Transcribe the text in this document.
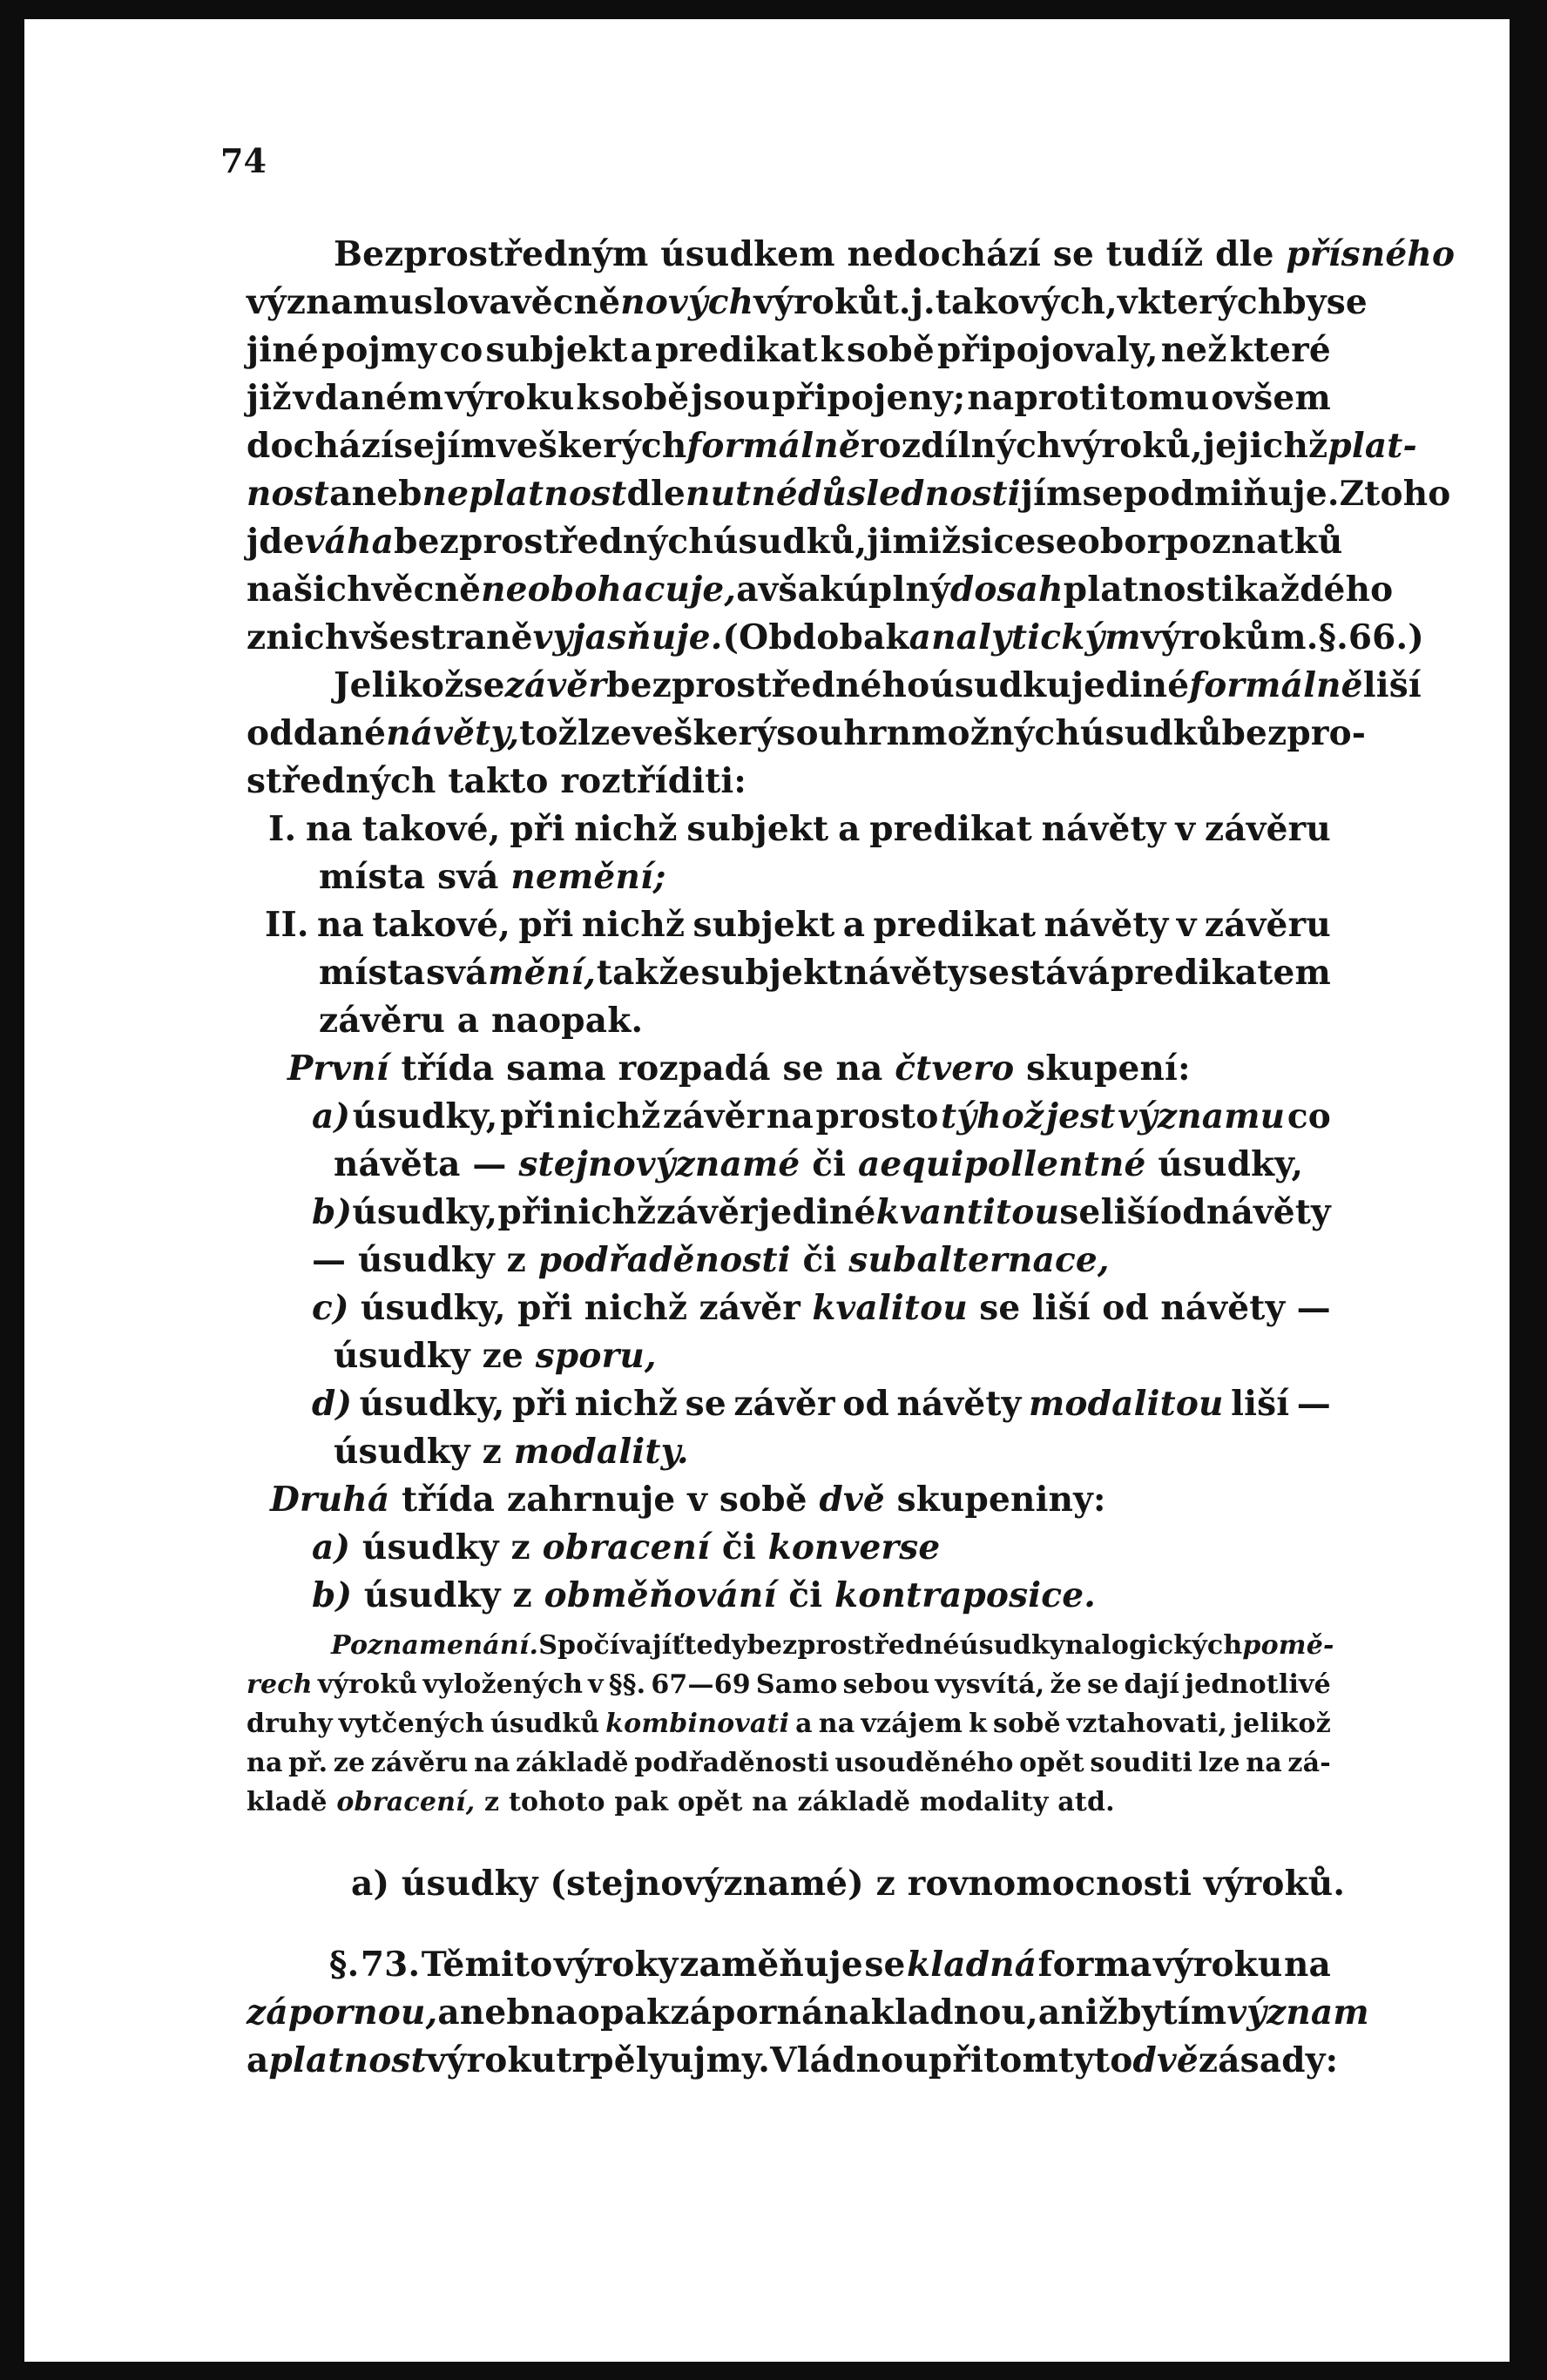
74
Bezprostředným úsudkem nedochází se tudíž dle přísného
významu slova věcně nových výroků t. j. takových, v kterých by se
jiné pojmy co subjekt a predikat k sobě připojovaly, než které
již v daném výroku k sobě jsou připojeny; naproti tomu ovšem
dochází se jím veškerých formálně rozdílných výroků, jejichž plat-
nost aneb neplatnost dle nutné důslednosti jím se podmiňuje. Z toho
jde váha bezprostředných úsudků, jimiž sice se obor poznatků
našich věcně neobohacuje, avšak úplný dosah platnosti každého
z nich všestraně vyjasňuje. (Obdoba k analytickým výrokům. §. 66.)
Jelikož se závěr bezprostředného úsudku jediné formálně liší
od dané návěty, tož lze veškerý souhrn možných úsudků bezpro-
středných takto roztříditi:
I. na takové, při nichž subjekt a predikat návěty v závěru
místa svá nemění;
II. na takové, při nichž subjekt a predikat návěty v závěru
místa svá mění, tak že subjekt návěty se stává predikatem
závěru a naopak.
První třída sama rozpadá se na čtvero skupení:
a) úsudky, při nichž závěr na prosto týhož jest významu co
návěta — stejnovýznamé či aequipollentné úsudky,
b) úsudky, při nichž závěr jediné kvantitou se liší od návěty
— úsudky z podřaděnosti či subalternace,
c) úsudky, při nichž závěr kvalitou se liší od návěty —
úsudky ze sporu,
d) úsudky, při nichž se závěr od návěty modalitou liší —
úsudky z modality.
Druhá třída zahrnuje v sobě dvě skupeniny:
a) úsudky z obracení či konverse
b) úsudky z obměňování či kontraposice.
Poznamenání. Spočívajíť tedy bezprostředné úsudky na logických pomě-
rech výroků vyložených v §§. 67—69 Samo sebou vysvítá, že se dají jednotlivé
druhy vytčených úsudků kombinovati a na vzájem k sobě vztahovati, jelikož
na př. ze závěru na základě podřaděnosti usouděného opět souditi lze na zá-
kladě obracení, z tohoto pak opět na základě modality atd.
a) úsudky (stejnovýznamé) z rovnomocnosti výroků.
§. 73. Těmito výroky zaměňuje se kladná forma výroku na
zápornou, aneb na opak záporná na kladnou, aniž by tím význam
a platnost výroku trpěly ujmy. Vládnou při tom tyto dvě zásady:
